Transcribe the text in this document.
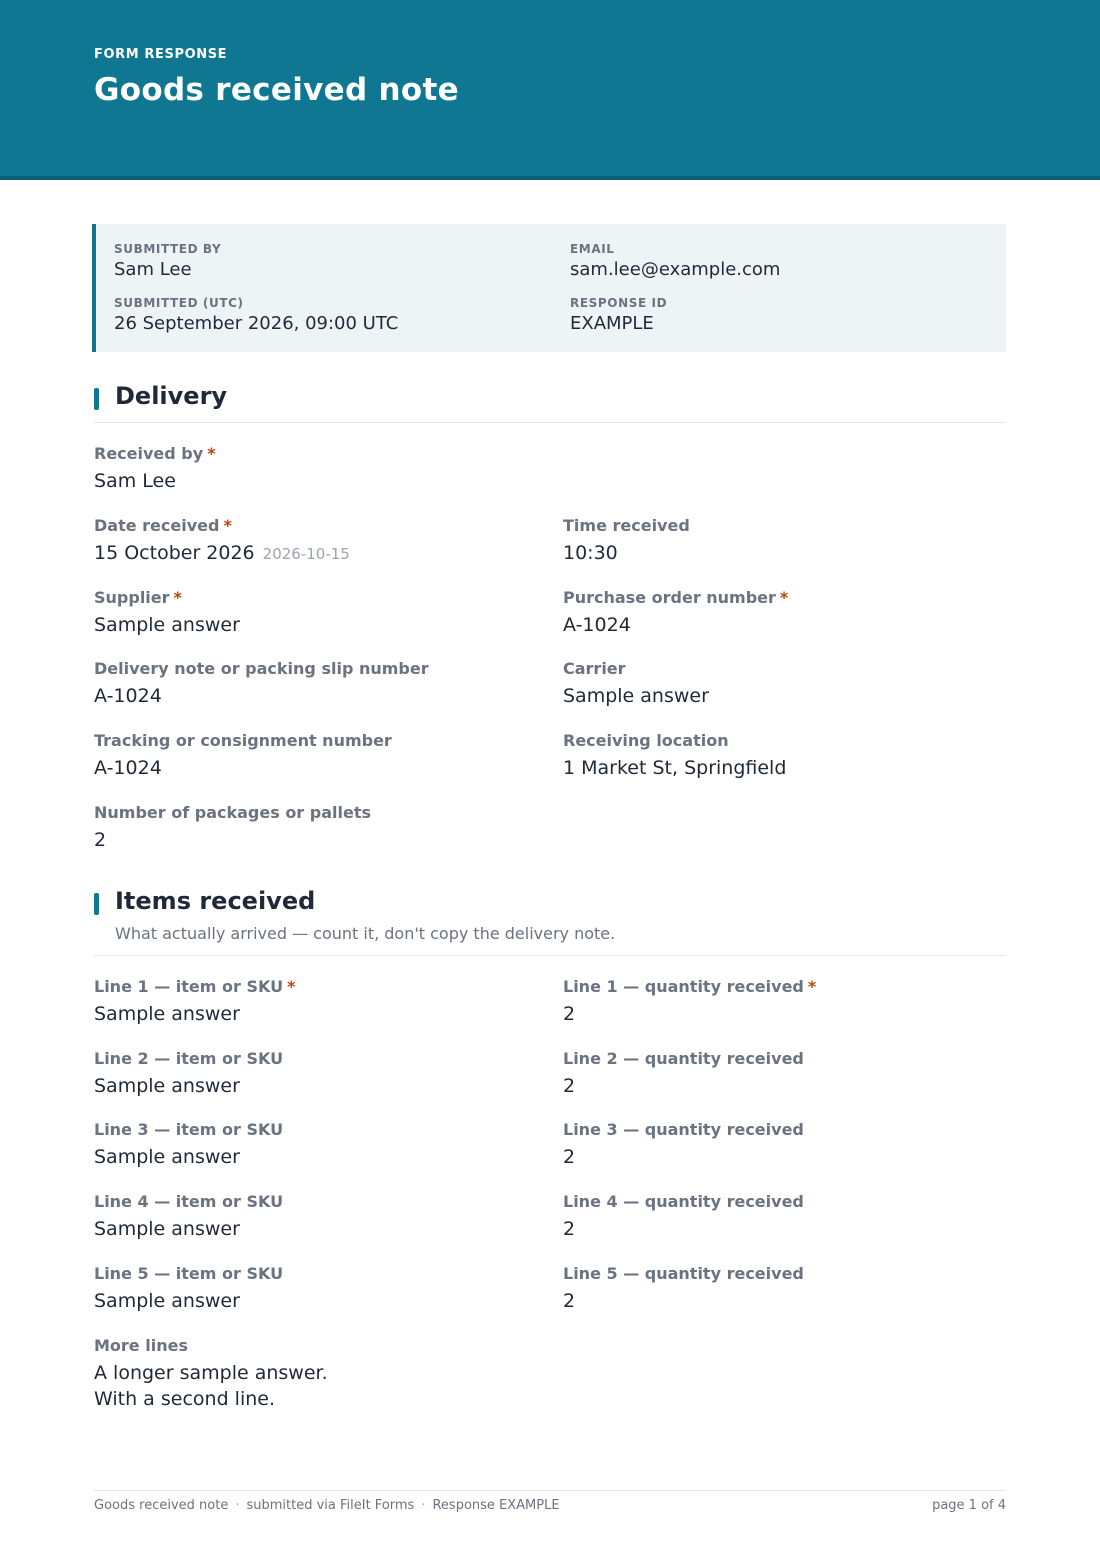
FORM RESPONSE
Goods received note
SUBMITTED BY
Sam Lee
EMAIL
sam.lee@example.com
SUBMITTED (UTC)
26 September 2026, 09:00 UTC
RESPONSE ID
EXAMPLE
Delivery
Received by *
Sam Lee
Date received *
15 October 2026 2026-10-15
Time received
10:30
Supplier *
Sample answer
Purchase order number *
A-1024
Delivery note or packing slip number
A-1024
Carrier
Sample answer
Tracking or consignment number
A-1024
Receiving location
1 Market St, Springfield
Number of packages or pallets
2
Items received
What actually arrived — count it, don't copy the delivery note.
Line 1 — item or SKU *
Sample answer
Line 1 — quantity received *
2
Line 2 — item or SKU
Sample answer
Line 2 — quantity received
2
Line 3 — item or SKU
Sample answer
Line 3 — quantity received
2
Line 4 — item or SKU
Sample answer
Line 4 — quantity received
2
Line 5 — item or SKU
Sample answer
Line 5 — quantity received
2
More lines
A longer sample answer.
With a second line.
Goods received note · submitted via FileIt Forms · Response EXAMPLE	page 1 of 4
